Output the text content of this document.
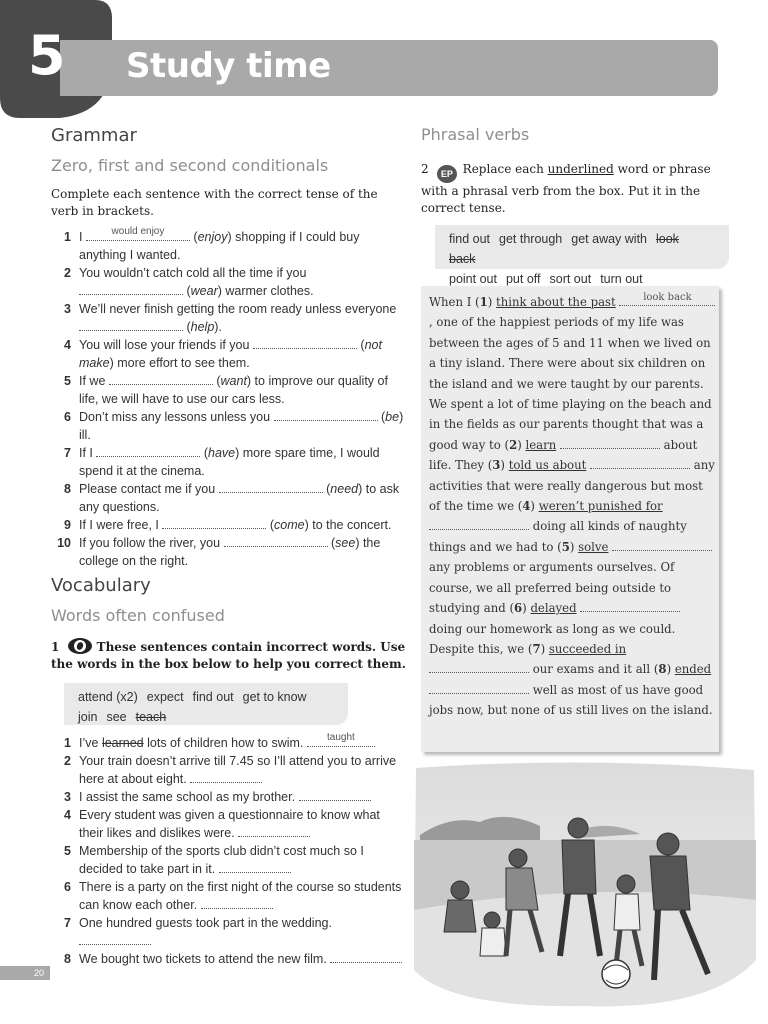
5 Study time
Grammar
Zero, first and second conditionals
Complete each sentence with the correct tense of the verb in brackets.
1 I	would enjoy	(enjoy) shopping if I could buy anything I wanted.
2 You wouldn’t catch cold all the time if you
(wear) warmer clothes.
3 We’ll never finish getting the room ready unless everyone
(help).
4 You will lose your friends if you	(not make) more effort to see them.
5 If we	(want) to improve our quality of life, we will have to use our cars less.
6 Don’t miss any lessons unless you	(be) ill.
7 If I	(have) more spare time, I would spend it at the cinema.
8 Please contact me if you	(need) to ask any questions.
9 If I were free, I	(come) to the concert.
10 If you follow the river, you	(see) the college on the right.
Vocabulary
Words often confused
1	These sentences contain incorrect words. Use the words in the box below to help you correct them.
attend (x2) expect find out get to know
join see teach
1 I’ve learned lots of children how to swim.	taught
2 Your train doesn’t arrive till 7.45 so I’ll attend you to arrive here at about eight.
3 I assist the same school as my brother.
4 Every student was given a questionnaire to know what their likes and dislikes were.
5 Membership of the sports club didn’t cost much so I decided to take part in it.
6 There is a party on the first night of the course so students can know each other.
7 One hundred guests took part in the wedding.
8 We bought two tickets to attend the new film.
Phrasal verbs
2 EP Replace each underlined word or phrase with a phrasal verb from the box. Put it in the correct tense.
find out get through get away with look back
point out put off sort out turn out
When I (1) think about the past	look back
, one of the happiest periods of my life was between the ages of 5 and 11 when we lived on a tiny island. There were about six children on the island and we were taught by our parents. We spent a lot of time playing on the beach and in the fields as our parents thought that was a good way to (2) learn	about life. They (3) told us about	any activities that were really dangerous but most of the time we (4) weren’t punished for  doing all kinds of naughty things and we had to (5) solve  any problems or arguments ourselves. Of course, we all preferred being outside to studying and (6) delayed  doing our homework as long as we could. Despite this, we (7) succeeded in  our exams and it all (8) ended  well as most of us have good jobs now, but none of us still lives on the island.
20
